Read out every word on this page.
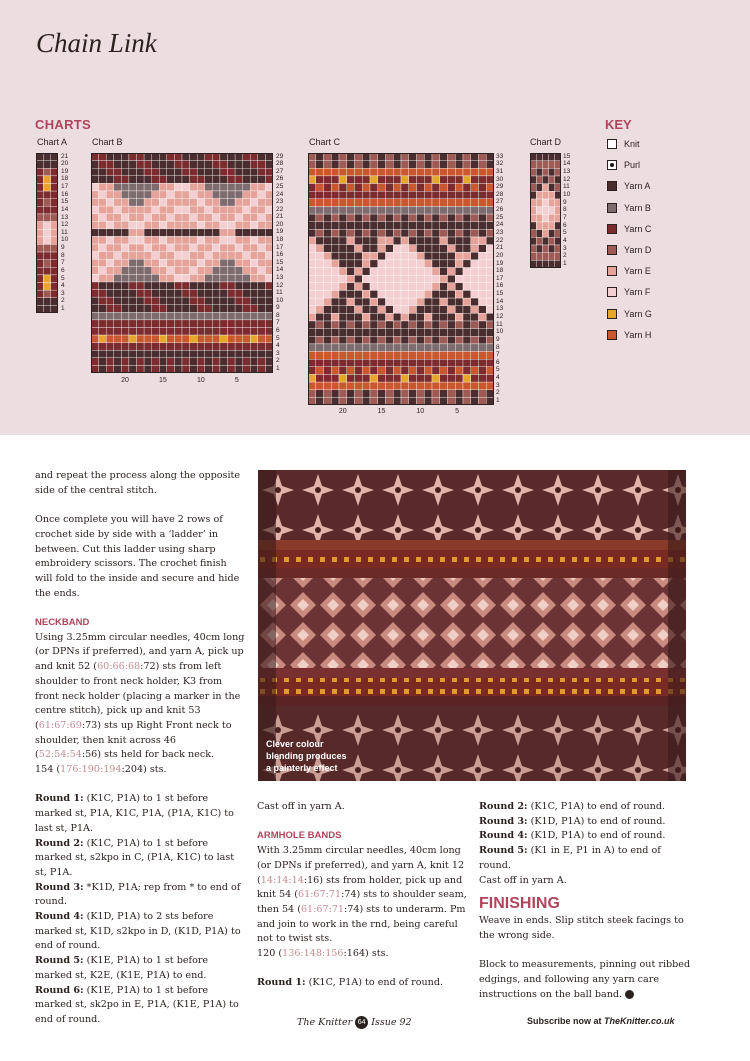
Chain Link
CHARTS
Chart A
21
20
19
18
17
16
15
14
13
12
11
10
9
8
7
6
5
4
3
2
1
Chart B
29
28
27
26
25
24
23
22
21
20
19
18
17
16
15
14
13
12
11
10
9
8
7
6
5
4
3
2
1
20	15	10	5
Chart C
33
32
31
30
29
28
27
26
25
24
23
22
21
20
19
18
17
16
15
14
13
12
11
10
9
8
7
6
5
4
3
2
1
20	15	10	5
Chart D
15
14
13
12
11
10
9
8
7
6
5
4
3
2
1
KEY
Knit
Purl
Yarn A
Yarn B
Yarn C
Yarn D
Yarn E
Yarn F
Yarn G
Yarn H

and repeat the process along the opposite side of the central stitch.

Once complete you will have 2 rows of crochet side by side with a ‘ladder’ in between. Cut this ladder using sharp embroidery scissors. The crochet finish will fold to the inside and secure and hide the ends.

NECKBAND

Using 3.25mm circular needles, 40cm long (or DPNs if preferred), and yarn A, pick up and knit 52 (60:66:68:72) sts from left shoulder to front neck holder, K3 from front neck holder (placing a marker in the centre stitch), pick up and knit 53 (61:67:69:73) sts up Right Front neck to shoulder, then knit across 46 (52:54:54:56) sts held for back neck.
154 (176:190:194:204) sts.

Round 1: (K1C, P1A) to 1 st before marked st, P1A, K1C, P1A, (P1A, K1C) to last st, P1A.

Round 2: (K1C, P1A) to 1 st before marked st, s2kpo in C, (P1A, K1C) to last st, P1A.

Round 3: *K1D, P1A; rep from * to end of round.

Round 4: (K1D, P1A) to 2 sts before marked st, K1D, s2kpo in D, (K1D, P1A) to end of round.

Round 5: (K1E, P1A) to 1 st before marked st, K2E, (K1E, P1A) to end.

Round 6: (K1E, P1A) to 1 st before marked st, sk2po in E, P1A, (K1E, P1A) to end of round.

Clever colour
blending produces
a painterly effect

Cast off in yarn A.

ARMHOLE BANDS

With 3.25mm circular needles, 40cm long (or DPNs if preferred), and yarn A, knit 12 (14:14:14:16) sts from holder, pick up and knit 54 (61:67:71:74) sts to shoulder seam, then 54 (61:67:71:74) sts to underarm. Pm and join to work in the rnd, being careful not to twist sts.
120 (136:148:156:164) sts.

Round 1: (K1C, P1A) to end of round.

Round 2: (K1C, P1A) to end of round.

Round 3: (K1D, P1A) to end of round.

Round 4: (K1D, P1A) to end of round.

Round 5: (K1 in E, P1 in A) to end of round.

Cast off in yarn A.

FINISHING

Weave in ends. Slip stitch steek facings to the wrong side.

Block to measurements, pinning out ribbed edgings, and following any yarn care instructions on the ball band.

The Knitter 64 Issue 92	Subscribe now at TheKnitter.co.uk
